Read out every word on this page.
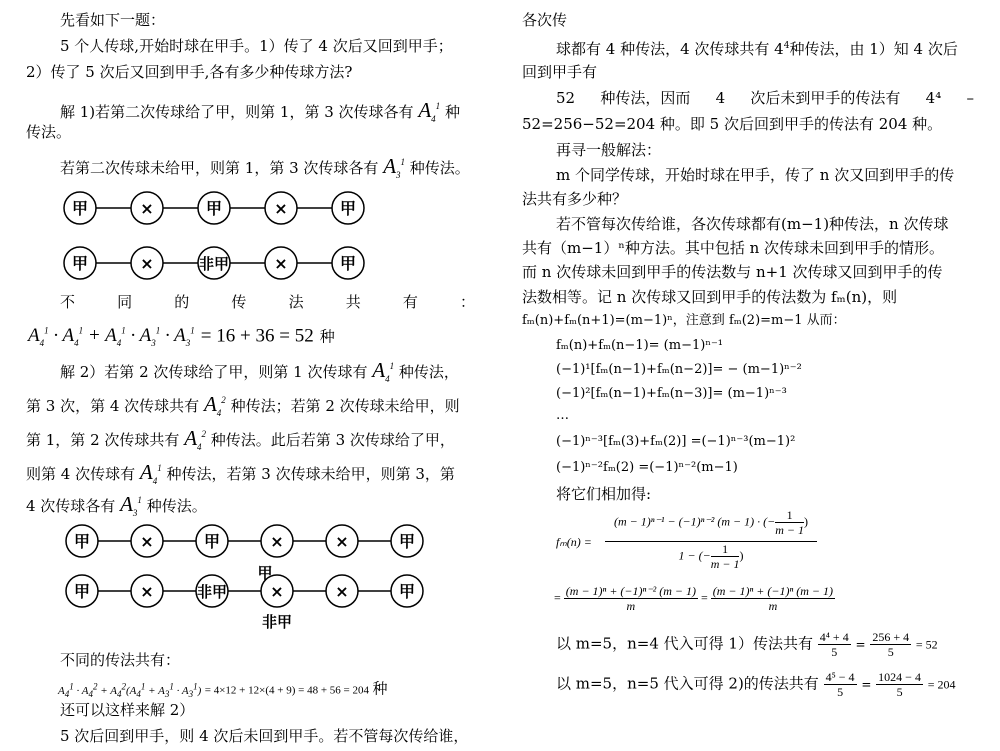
先看如下一题：
5 个人传球,开始时球在甲手。1）传了 4 次后又回到甲手；
2）传了 5 次后又回到甲手,各有多少种传球方法?
解 1)若第二次传球给了甲，则第 1，第 3 次传球各有 $A_4^1$ 种
传法。
若第二次传球未给甲，则第 1，第 3 次传球各有 $A_3^1$ 种传法。
甲	×	甲	×	甲
甲	×	非甲	×	甲
不	同	的	传	法	共	有	：
$A_4^1 \cdot A_4^1 + A_4^1 \cdot A_3^1 \cdot A_3^1 = 16 + 36 = 52$ 种
解 2）若第 2 次传球给了甲，则第 1 次传球有 $A_4^1$ 种传法，
第 3 次，第 4 次传球共有 $A_4^2$ 种传法；若第 2 次传球未给甲，则
第 1，第 2 次传球共有 $A_4^2$ 种传法。此后若第 3 次传球给了甲，
则第 4 次传球有 $A_4^1$ 种传法，若第 3 次传球未给甲，则第 3，第
4 次传球各有 $A_3^1$ 种传法。
甲	×	甲	×	×	甲
甲	×	非甲	×	×	甲
甲
非甲
不同的传法共有：
$A_4^1 \cdot A_4^2 + A_4^2(A_4^1 + A_3^1 \cdot A_3^1) = 4\times 12 + 12\times(4 + 9) = 48 + 56 = 204$ 种
还可以这样来解 2）
5 次后回到甲手，则 4 次后未回到甲手。若不管每次传给谁，
各次传
球都有 4 种传法，4 次传球共有 $4^4$种传法，由 1）知 4 次后
回到甲手有
52 种传法，因而 4 次后未到甲手的传法有 4⁴ –
52=256−52=204 种。即 5 次后回到甲手的传法有 204 种。
再寻一般解法：
m 个同学传球，开始时球在甲手，传了 n 次又回到甲手的传
法共有多少种？
若不管每次传给谁，各次传球都有(m−1)种传法，n 次传球
共有（m−1）ⁿ种方法。其中包括 n 次传球未回到甲手的情形。
而 n 次传球未回到甲手的传法数与 n+1 次传球又回到甲手的传
法数相等。记 n 次传球又回到甲手的传法数为 fₘ(n)，则
fₘ(n)+fₘ(n+1)=(m−1)ⁿ，注意到 fₘ(2)=m−1 从而：
fₘ(n)+fₘ(n−1)= (m−1)ⁿ⁻¹
(−1)¹[fₘ(n−1)+fₘ(n−2)]= − (m−1)ⁿ⁻²
(−1)²[fₘ(n−1)+fₘ(n−3)]= (m−1)ⁿ⁻³
…
(−1)ⁿ⁻³[fₘ(3)+fₘ(2)] =(−1)ⁿ⁻³(m−1)²
(−1)ⁿ⁻²fₘ(2) =(−1)ⁿ⁻²(m−1)
将它们相加得:
$f_m(n) = \frac{(m - 1)^{n-1} - (-1)^{n-2} (m - 1) \cdot (- \frac{1}{m - 1} )}{1 - (- \frac{1}{m - 1} )}$
= $\frac{\text{(m − 1)ⁿ + (−1)ⁿ⁻² (m − 1)}}{m} = \frac{\text{(m − 1)ⁿ + (−1)ⁿ (m − 1)}}{m}$
以 m=5，n=4 代入可得 1）传法共有 $\frac{\text{4⁴ + 4}}{5} = \frac{256 + 4}{5} = 52$
以 m=5，n=5 代入可得 2)的传法共有 $\frac{\text{4⁵ − 4}}{5} = \frac{1024 - 4}{5} = 204$
